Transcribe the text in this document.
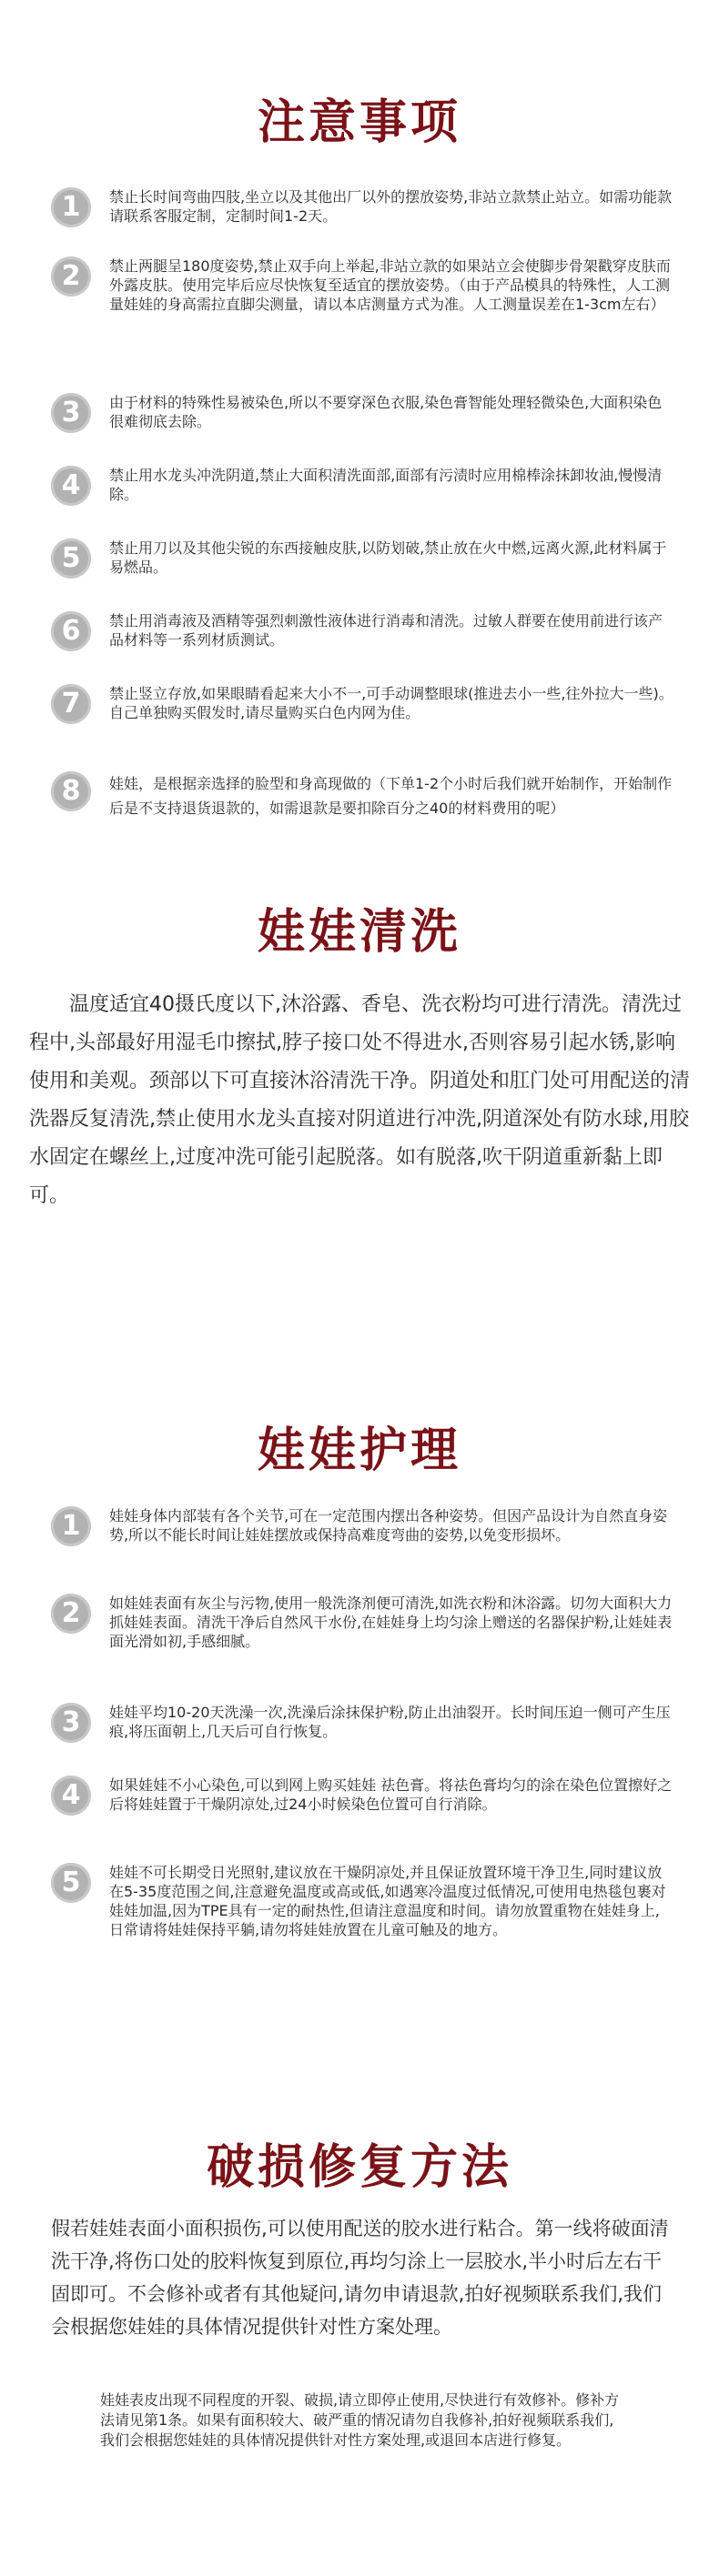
注意事项
1	禁止长时间弯曲四肢,坐立以及其他出厂以外的摆放姿势,非站立款禁止站立。如需功能款请联系客服定制，定制时间1-2天。
2	禁止两腿呈180度姿势,禁止双手向上举起,非站立款的如果站立会使脚步骨架戳穿皮肤而外露皮肤。使用完毕后应尽快恢复至适宜的摆放姿势。（由于产品模具的特殊性，人工测量娃娃的身高需拉直脚尖测量，请以本店测量方式为准。人工测量误差在1-3cm左右）
3	由于材料的特殊性易被染色,所以不要穿深色衣服,染色膏智能处理轻微染色,大面积染色很难彻底去除。
4	禁止用水龙头冲洗阴道,禁止大面积清洗面部,面部有污渍时应用棉棒涂抹卸妆油,慢慢清除。
5	禁止用刀以及其他尖锐的东西接触皮肤,以防划破,禁止放在火中燃,远离火源,此材料属于易燃品。
6	禁止用消毒液及酒精等强烈刺激性液体进行消毒和清洗。过敏人群要在使用前进行该产品材料等一系列材质测试。
7	禁止竖立存放,如果眼睛看起来大小不一,可手动调整眼球(推进去小一些,往外拉大一些)。自己单独购买假发时,请尽量购买白色内网为佳。
8	娃娃，是根据亲选择的脸型和身高现做的（下单1-2个小时后我们就开始制作，开始制作后是不支持退货退款的，如需退款是要扣除百分之40的材料费用的呢）
娃娃清洗
温度适宜40摄氏度以下,沐浴露、香皂、洗衣粉均可进行清洗。清洗过程中,头部最好用湿毛巾擦拭,脖子接口处不得进水,否则容易引起水锈,影响使用和美观。颈部以下可直接沐浴清洗干净。阴道处和肛门处可用配送的清洗器反复清洗,禁止使用水龙头直接对阴道进行冲洗,阴道深处有防水球,用胶水固定在螺丝上,过度冲洗可能引起脱落。如有脱落,吹干阴道重新黏上即可。
娃娃护理
1	娃娃身体内部装有各个关节,可在一定范围内摆出各种姿势。但因产品设计为自然直身姿势,所以不能长时间让娃娃摆放或保持高难度弯曲的姿势,以免变形损坏。
2	如娃娃表面有灰尘与污物,使用一般洗涤剂便可清洗,如洗衣粉和沐浴露。切勿大面积大力抓娃娃表面。清洗干净后自然风干水份,在娃娃身上均匀涂上赠送的名器保护粉,让娃娃表面光滑如初,手感细腻。
3	娃娃平均10-20天洗澡一次,洗澡后涂抹保护粉,防止出油裂开。长时间压迫一侧可产生压痕,将压面朝上,几天后可自行恢复。
4	如果娃娃不小心染色,可以到网上购买娃娃 祛色膏。将祛色膏均匀的涂在染色位置擦好之后将娃娃置于干燥阴凉处,过24小时候染色位置可自行消除。
5	娃娃不可长期受日光照射,建议放在干燥阴凉处,并且保证放置环境干净卫生,同时建议放在5-35度范围之间,注意避免温度或高或低,如遇寒冷温度过低情况,可使用电热毯包裹对娃娃加温,因为TPE具有一定的耐热性,但请注意温度和时间。请勿放置重物在娃娃身上,日常请将娃娃保持平躺,请勿将娃娃放置在儿童可触及的地方。
破损修复方法
假若娃娃表面小面积损伤,可以使用配送的胶水进行粘合。第一线将破面清洗干净,将伤口处的胶料恢复到原位,再均匀涂上一层胶水,半小时后左右干固即可。不会修补或者有其他疑问,请勿申请退款,拍好视频联系我们,我们会根据您娃娃的具体情况提供针对性方案处理。
娃娃表皮出现不同程度的开裂、破损,请立即停止使用,尽快进行有效修补。修补方法请见第1条。如果有面积较大、破严重的情况请勿自我修补,拍好视频联系我们,我们会根据您娃娃的具体情况提供针对性方案处理,或退回本店进行修复。
